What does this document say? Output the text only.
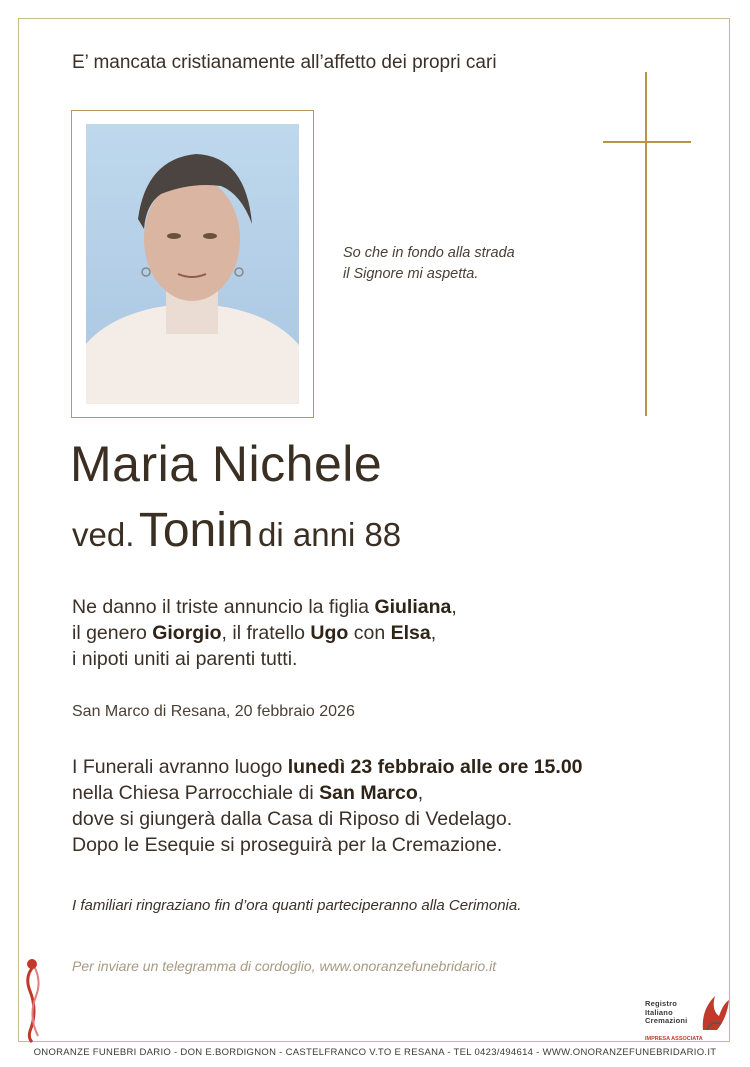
E’ mancata cristianamente all’affetto dei propri cari
So che in fondo alla strada
il Signore mi aspetta.
Maria Nichele
ved. Tonin di anni 88
Ne danno il triste annuncio la figlia Giuliana,
il genero Giorgio, il fratello Ugo con Elsa,
i nipoti uniti ai parenti tutti.
San Marco di Resana, 20 febbraio 2026
I Funerali avranno luogo lunedì 23 febbraio alle ore 15.00
nella Chiesa Parrocchiale di San Marco,
dove si giungerà dalla Casa di Riposo di Vedelago.
Dopo le Esequie si proseguirà per la Cremazione.
I familiari ringraziano fin d’ora quanti parteciperanno alla Cerimonia.
Per inviare un telegramma di cordoglio, www.onoranzefunebridario.it
Registro
Italiano
Cremazioni
IMPRESA ASSOCIATA
ONORANZE FUNEBRI DARIO - DON E.BORDIGNON - CASTELFRANCO V.TO E RESANA - TEL 0423/494614 - WWW.ONORANZEFUNEBRIDARIO.IT
